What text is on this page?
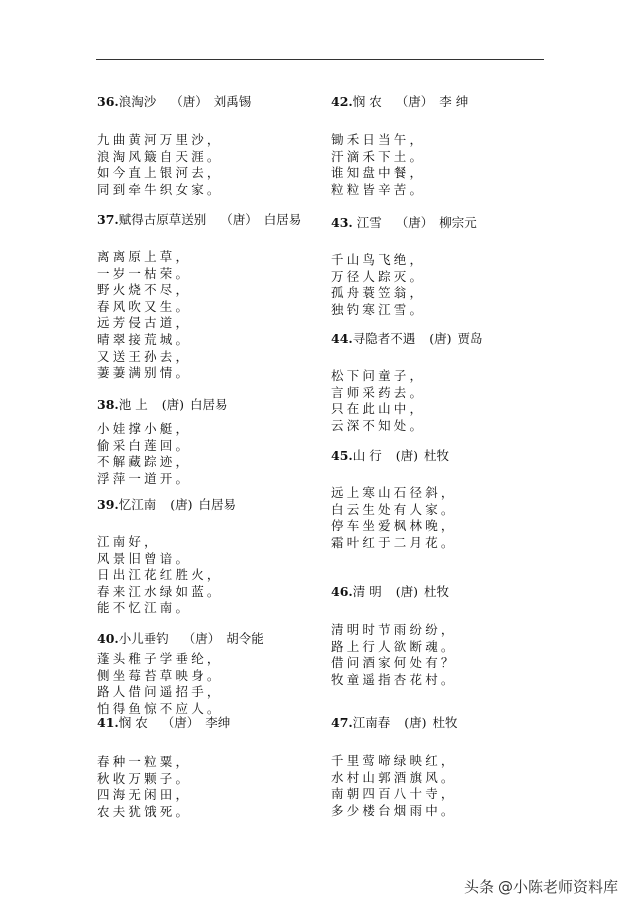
36.浪淘沙 （唐） 刘禹锡
九曲黄河万里沙，
浪淘风簸自天涯。
如今直上银河去，
同到牵牛织女家。
37.赋得古原草送别 （唐） 白居易
离离原上草，
一岁一枯荣。
野火烧不尽，
春风吹又生。
远芳侵古道，
晴翠接荒城。
又送王孙去，
萋萋满别情。
38.池 上 (唐) 白居易
小娃撑小艇，
偷采白莲回。
不解藏踪迹，
浮萍一道开。
39.忆江南 (唐) 白居易
江南好，
风景旧曾谙。
日出江花红胜火，
春来江水绿如蓝。
能不忆江南。
40.小儿垂钓 （唐） 胡令能
蓬头稚子学垂纶，
侧坐莓苔草映身。
路人借问遥招手，
怕得鱼惊不应人。
41.悯 农 （唐） 李绅
春种一粒粟，
秋收万颗子。
四海无闲田，
农夫犹饿死。
42.悯 农 （唐） 李 绅
锄禾日当午，
汗滴禾下土。
谁知盘中餐，
粒粒皆辛苦。
43. 江雪 （唐） 柳宗元
千山鸟飞绝，
万径人踪灭。
孤舟蓑笠翁，
独钓寒江雪。
44.寻隐者不遇 (唐) 贾岛
松下问童子，
言师采药去。
只在此山中，
云深不知处。
45.山 行 (唐) 杜牧
远上寒山石径斜，
白云生处有人家。
停车坐爱枫林晚，
霜叶红于二月花。
46.清 明 (唐) 杜牧
清明时节雨纷纷，
路上行人欲断魂。
借问酒家何处有？
牧童遥指杏花村。
47.江南春 (唐) 杜牧
千里莺啼绿映红，
水村山郭酒旗风。
南朝四百八十寺，
多少楼台烟雨中。
头条 @小陈老师资料库
